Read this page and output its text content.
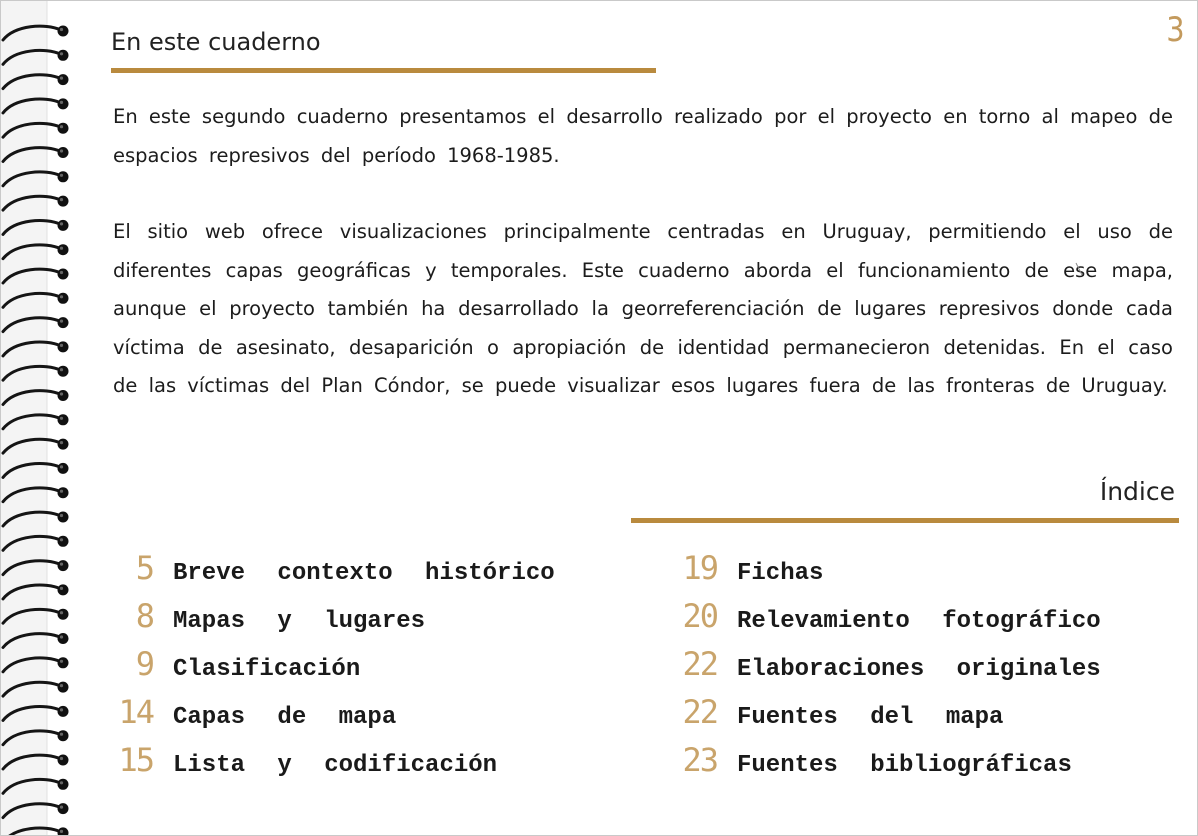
3
En este cuaderno
En este segundo cuaderno presentamos el desarrollo realizado por el proyecto en torno al mapeo de espacios represivos del período 1968-1985.
El sitio web ofrece visualizaciones principalmente centradas en Uruguay, permitiendo el uso de diferentes capas geográficas y temporales. Este cuaderno aborda el funcionamiento de ese mapa, aunque el proyecto también ha desarrollado la georreferenciación de lugares represivos donde cada víctima de asesinato, desaparición o apropiación de identidad permanecieron detenidas. En el caso de las víctimas del Plan Cóndor, se puede visualizar esos lugares fuera de las fronteras de Uruguay.
Índice
5 Breve contexto histórico
8 Mapas y lugares
9 Clasificación
14 Capas de mapa
15 Lista y codificación
19 Fichas
20 Relevamiento fotográfico
22 Elaboraciones originales
22 Fuentes del mapa
23 Fuentes bibliográficas
